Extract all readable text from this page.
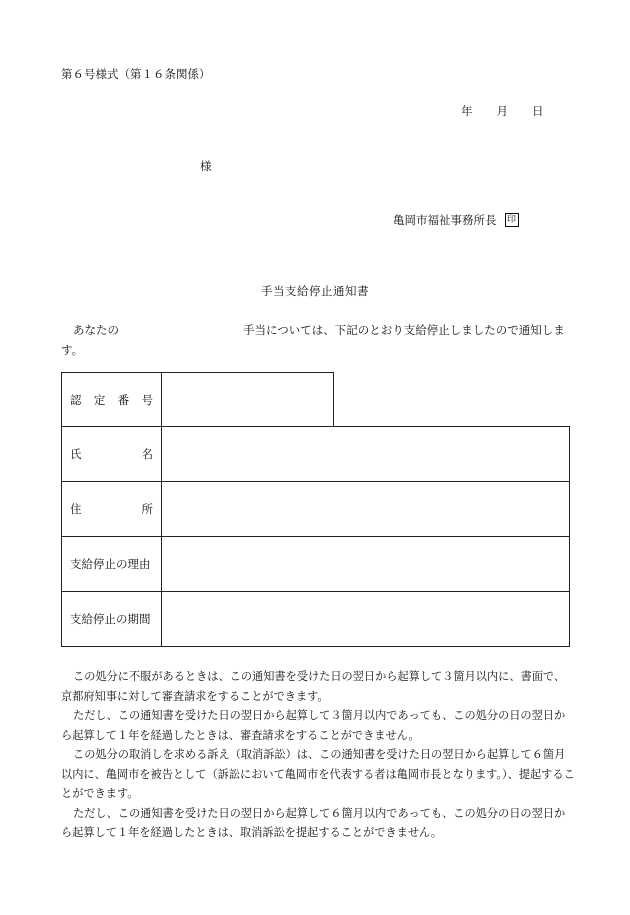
第６号様式（第１６条関係）
年 月 日
様
亀岡市福祉事務所長 印
手当支給停止通知書
あなたの	手当については、下記のとおり支給停止しましたので通知します。
認 定 番 号
氏	名
住	所
支給停止の理由
支給停止の期間

この処分に不服があるときは、この通知書を受けた日の翌日から起算して３箇月以内に、書面で、京都府知事に対して審査請求をすることができます。

ただし、この通知書を受けた日の翌日から起算して３箇月以内であっても、この処分の日の翌日から起算して１年を経過したときは、審査請求をすることができません。

この処分の取消しを求める訴え（取消訴訟）は、この通知書を受けた日の翌日から起算して６箇月以内に、亀岡市を被告として（訴訟において亀岡市を代表する者は亀岡市長となります。）、提起することができます。

ただし、この通知書を受けた日の翌日から起算して６箇月以内であっても、この処分の日の翌日から起算して１年を経過したときは、取消訴訟を提起することができません。
